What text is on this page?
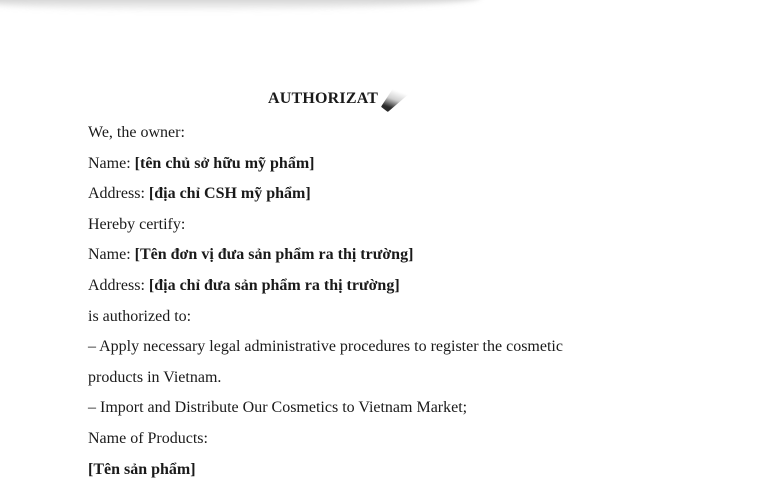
AUTHORIZAT
We, the owner:
Name: [tên chủ sở hữu mỹ phẩm]
Address: [địa chỉ CSH mỹ phẩm]
Hereby certify:
Name: [Tên đơn vị đưa sản phẩm ra thị trường]
Address: [địa chỉ đưa sản phẩm ra thị trường]
is authorized to:
– Apply necessary legal administrative procedures to register the cosmetic
products in Vietnam.
– Import and Distribute Our Cosmetics to Vietnam Market;
Name of Products:
[Tên sản phẩm]
